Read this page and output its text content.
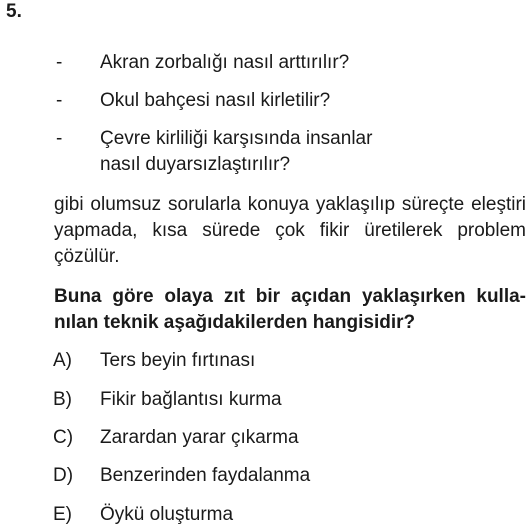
5.
- Akran zorbalığı nasıl arttırılır?
- Okul bahçesi nasıl kirletilir?
- Çevre kirliliği karşısında insanlar nasıl duyarsızlaştırılır?
gibi olumsuz sorularla konuya yaklaşılıp süreçte eleştiri yapmada, kısa sürede çok fikir üretilerek problem çözülür.
Buna göre olaya zıt bir açıdan yaklaşırken kulla-
nılan teknik aşağıdakilerden hangisidir?
A) Ters beyin fırtınası
B) Fikir bağlantısı kurma
C) Zarardan yarar çıkarma
D) Benzerinden faydalanma
E) Öykü oluşturma
